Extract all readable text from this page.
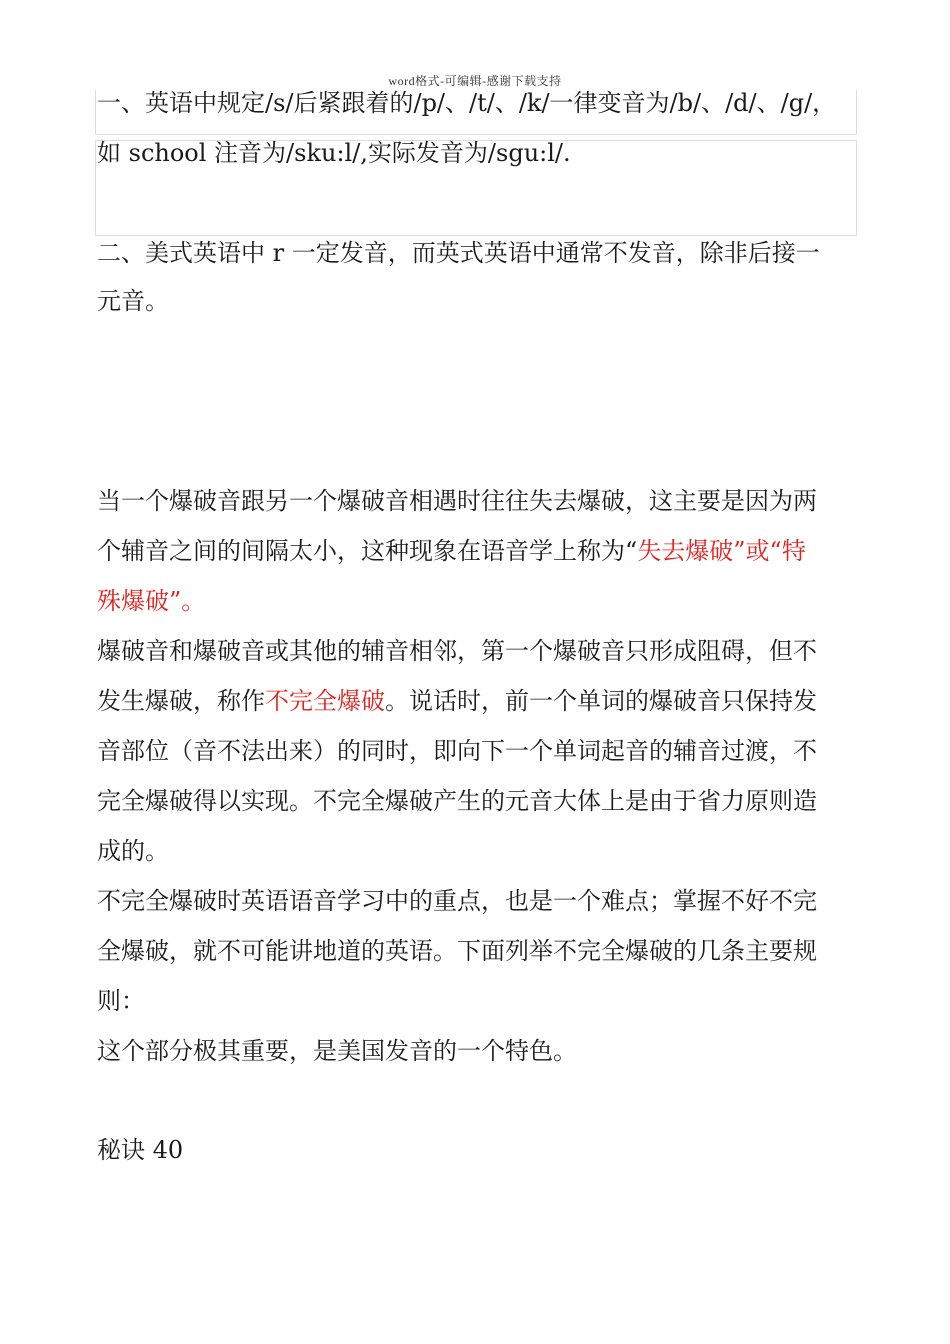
word格式-可编辑-感谢下载支持
一、英语中规定/s/后紧跟着的/p/、/t/、/k/一律变音为/b/、/d/、/g/，
如 school 注音为/sku:l/,实际发音为/sgu:l/.
二、美式英语中 r 一定发音，而英式英语中通常不发音，除非后接一
元音。
当一个爆破音跟另一个爆破音相遇时往往失去爆破，这主要是因为两
个辅音之间的间隔太小，这种现象在语音学上称为“失去爆破”或“特
殊爆破”。
爆破音和爆破音或其他的辅音相邻，第一个爆破音只形成阻碍，但不
发生爆破，称作不完全爆破。说话时，前一个单词的爆破音只保持发
音部位（音不法出来）的同时，即向下一个单词起音的辅音过渡，不
完全爆破得以实现。不完全爆破产生的元音大体上是由于省力原则造
成的。
不完全爆破时英语语音学习中的重点，也是一个难点；掌握不好不完
全爆破，就不可能讲地道的英语。下面列举不完全爆破的几条主要规
则：
这个部分极其重要，是美国发音的一个特色。
秘诀 40
